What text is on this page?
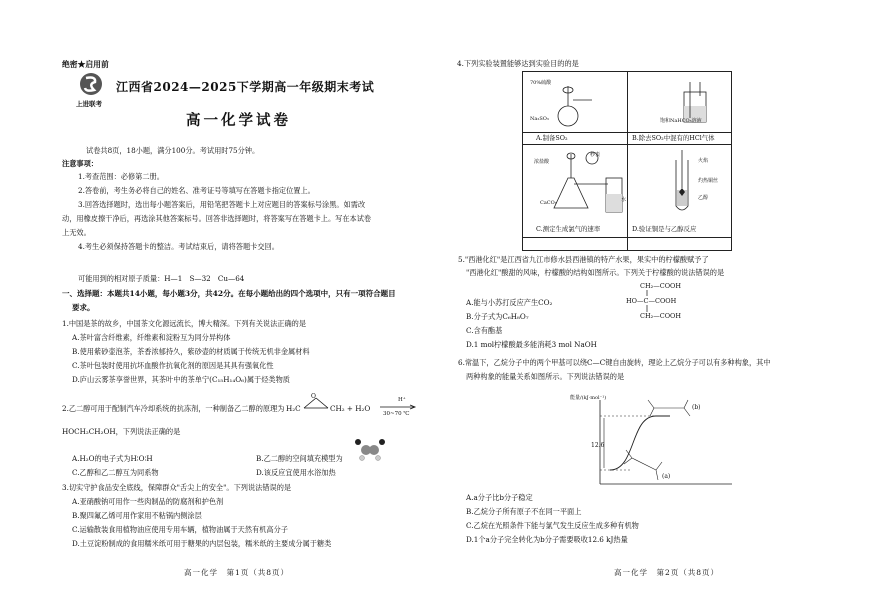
绝密★启用前
上进联考
江西省2024—2025下学期高一年级期末考试
高一化学试卷
试卷共8页，18小题，满分100分。考试用时75分钟。
注意事项：
1.考查范围：必修第二册。
2.答卷前，考生务必将自己的姓名、准考证号等填写在答题卡指定位置上。
3.回答选择题时，选出每小题答案后，用铅笔把答题卡上对应题目的答案标号涂黑。如需改
动，用橡皮擦干净后，再选涂其他答案标号。回答非选择题时，将答案写在答题卡上。写在本试卷
上无效。
4.考生必须保持答题卡的整洁。考试结束后，请将答题卡交回。
可能用到的相对原子质量：H—1　S—32　Cu—64
一、选择题：本题共14小题，每小题3分，共42分。在每小题给出的四个选项中，只有一项符合题目
要求。
1.中国是茶的故乡，中国茶文化源远流长，博大精深。下列有关说法正确的是
A.茶叶富含纤维素，纤维素和淀粉互为同分异构体
B.使用紫砂壶泡茶，茶香浓郁持久，紫砂壶的材质属于传统无机非金属材料
C.茶叶包装时使用抗坏血酸作抗氧化剂的原因是其具有强氧化性
D.庐山云雾茶享誉世界，其茶叶中的茶单宁(C₁₅H₁₄O₆)属于烃类物质
2.乙二醇可用于配制汽车冷却系统的抗冻剂，一种制备乙二醇的原理为 H₂C
O
CH₂ + H₂O
H⁺
30~70 ℃
HOCH₂CH₂OH，下列说法正确的是
A.H₂O的电子式为H∶O∶H	B.乙二醇的空间填充模型为
C.乙醇和乙二醇互为同系物	D.该反应宜使用水浴加热
3.切实守护食品安全底线，保障群众"舌尖上的安全"。下列说法错误的是
A.亚硝酸钠可用作一些肉制品的防腐剂和护色剂
B.聚四氟乙烯可用作家用不粘锅内侧涂层
C.运输散装食用植物油应使用专用车辆，植物油属于天然有机高分子
D.土豆淀粉制成的食用糯米纸可用于糖果的内层包装，糯米纸的主要成分属于糖类
高一化学　第1页（共8页）
4.下列实验装置能够达到实验目的的是
70%硫酸
Na₂SO₃	饱和NaHCO₃溶液
A.制备SO₂	B.除去SO₂中混有的HCl气体
浓盐酸
秒表
CaCO₃	水
火焰
灼热铜丝
乙醇
C.测定生成氯气的速率	D.验证铜是与乙醇反应
5."西港化红"是江西省九江市修水县西港镇的特产水果，果实中的柠檬酸赋予了
"西港化红"酸甜的风味，柠檬酸的结构如图所示。下列关于柠檬酸的说法错误的是
CH₂—COOH
HO—C—COOH
CH₂—COOH
A.能与小苏打反应产生CO₂
B.分子式为C₆H₈O₇
C.含有酯基
D.1 mol柠檬酸最多能消耗3 mol NaOH
6.常温下，乙烷分子中的两个甲基可以绕C—C键自由旋转，理论上乙烷分子可以有多种构象，其中
两种构象的能量关系如图所示。下列说法错误的是
能量/(kJ·mol⁻¹)
12.6
(b)
(a)
A.a分子比b分子稳定
B.乙烷分子所有原子不在同一平面上
C.乙烷在光照条件下能与氯气发生反应生成多种有机物
D.1个a分子完全转化为b分子需要吸收12.6 kJ热量
高一化学　第2页（共8页）
